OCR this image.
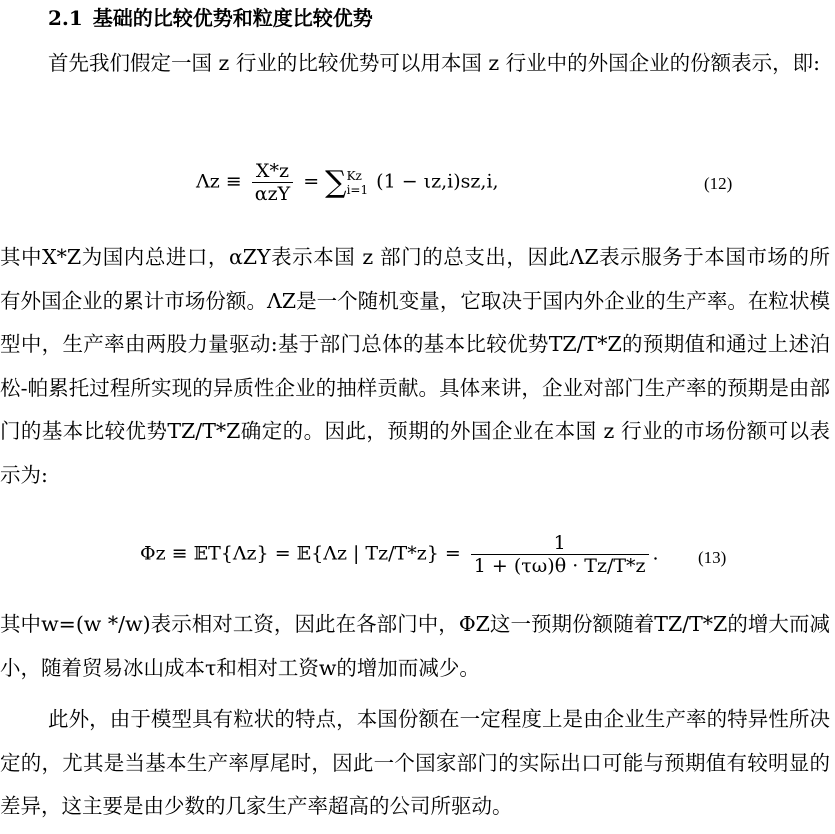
2.1 基础的比较优势和粒度比较优势
首先我们假定一国 z 行业的比较优势可以用本国 z 行业中的外国企业的份额表示，即:
$\Lambda z \equiv \frac{X*z}{\text{αzY}}$ = ∑ Kz
i=1 (1 − ιz,i)sz,i,	(12)
其中X*Z为国内总进口，αZY表示本国 z 部门的总支出，因此ΛZ表示服务于本国市场的所有外国企业的累计市场份额。ΛZ是一个随机变量，它取决于国内外企业的生产率。在粒状模型中，生产率由两股力量驱动:基于部门总体的基本比较优势TZ/T*Z的预期值和通过上述泊松-帕累托过程所实现的异质性企业的抽样贡献。具体来讲，企业对部门生产率的预期是由部门的基本比较优势TZ/T*Z确定的。因此，预期的外国企业在本国 z 行业的市场份额可以表示为:
Φz ≡ 𝔼T{Λz} = 𝔼{Λz | $Tz/T*z\} = \frac{1}{1 + (\tau\omega)\theta \cdot Tz/T*z}$ . (13)
其中w=(w */w)表示相对工资，因此在各部门中，ΦZ这一预期份额随着TZ/T*Z的增大而减小，随着贸易冰山成本τ和相对工资w的增加而减少。
此外，由于模型具有粒状的特点，本国份额在一定程度上是由企业生产率的特异性所决定的，尤其是当基本生产率厚尾时，因此一个国家部门的实际出口可能与预期值有较明显的差异，这主要是由少数的几家生产率超高的公司所驱动。
